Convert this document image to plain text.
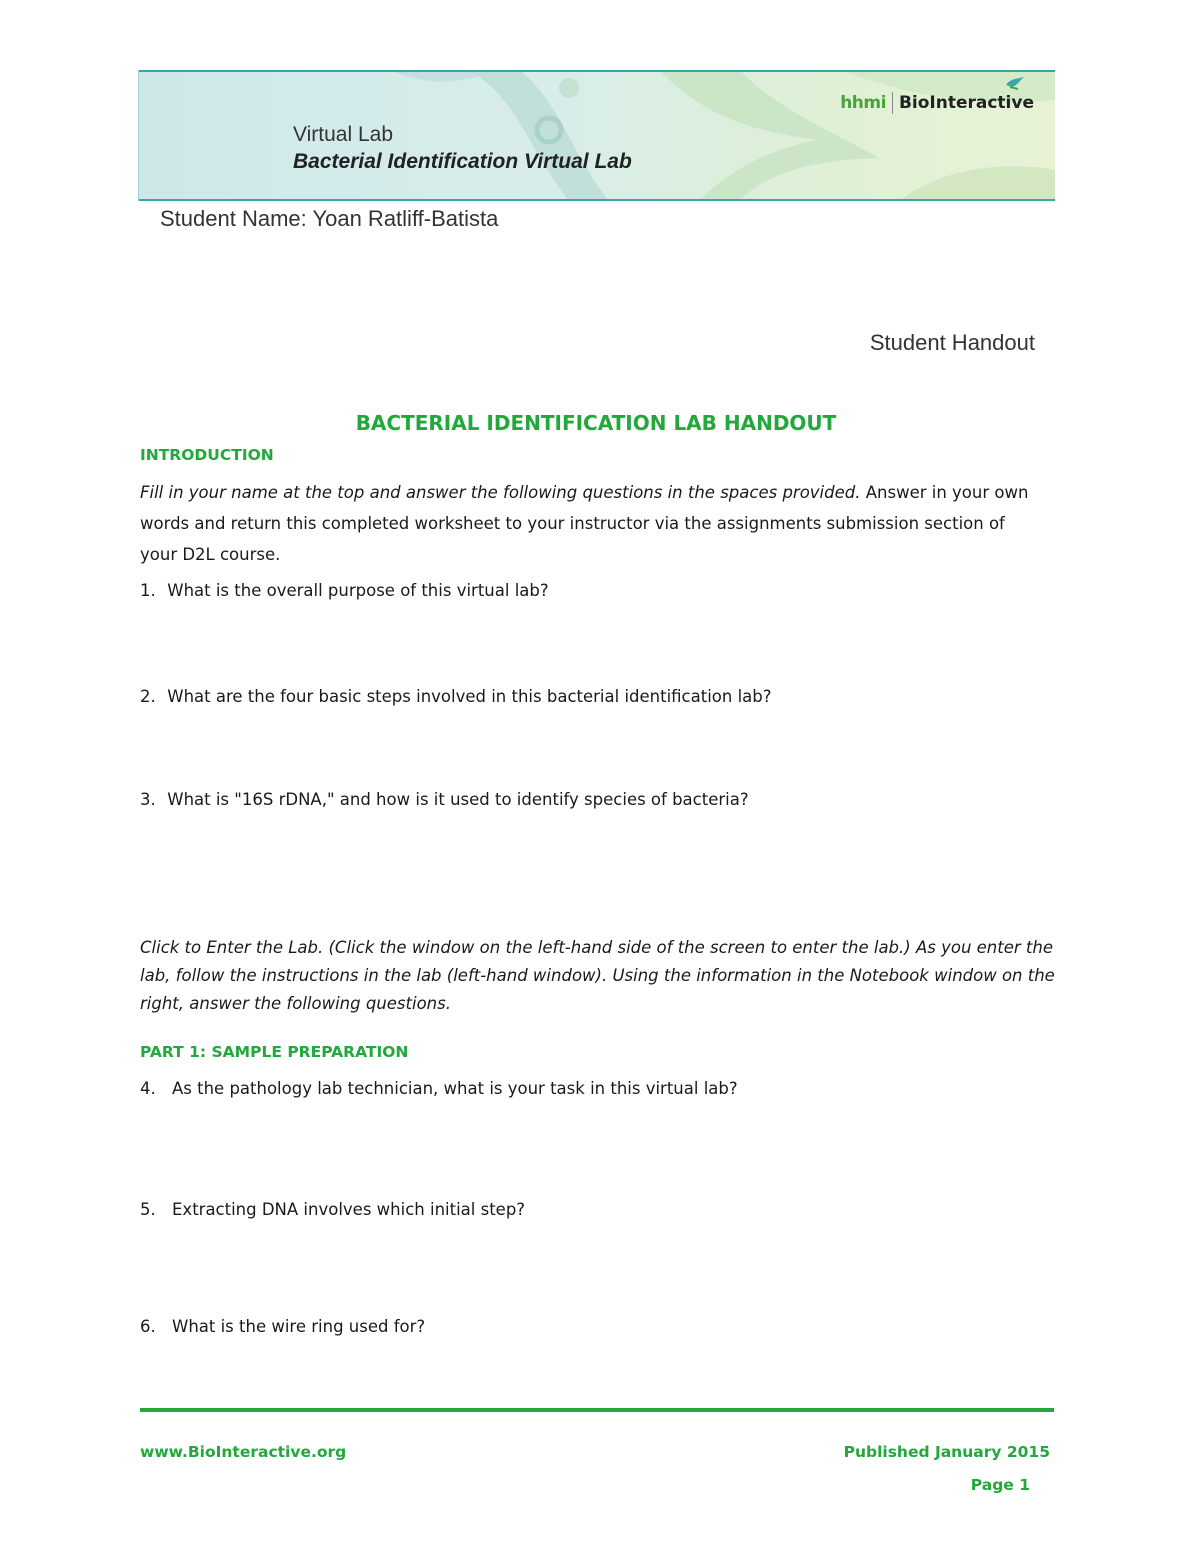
hhmi BioInteractive
Virtual Lab
Bacterial Identification Virtual Lab
Student Name: Yoan Ratliff-Batista
Student Handout
BACTERIAL IDENTIFICATION LAB HANDOUT
INTRODUCTION
Fill in your name at the top and answer the following questions in the spaces provided. Answer in your own words and return this completed worksheet to your instructor via the assignments submission section of your D2L course.
1. What is the overall purpose of this virtual lab?
2. What are the four basic steps involved in this bacterial identification lab?
3. What is "16S rDNA," and how is it used to identify species of bacteria?
Click to Enter the Lab. (Click the window on the left-hand side of the screen to enter the lab.) As you enter the lab, follow the instructions in the lab (left-hand window). Using the information in the Notebook window on the right, answer the following questions.
PART 1: SAMPLE PREPARATION
4. As the pathology lab technician, what is your task in this virtual lab?
5. Extracting DNA involves which initial step?
6. What is the wire ring used for?
www.BioInteractive.org	Published January 2015
Page 1
